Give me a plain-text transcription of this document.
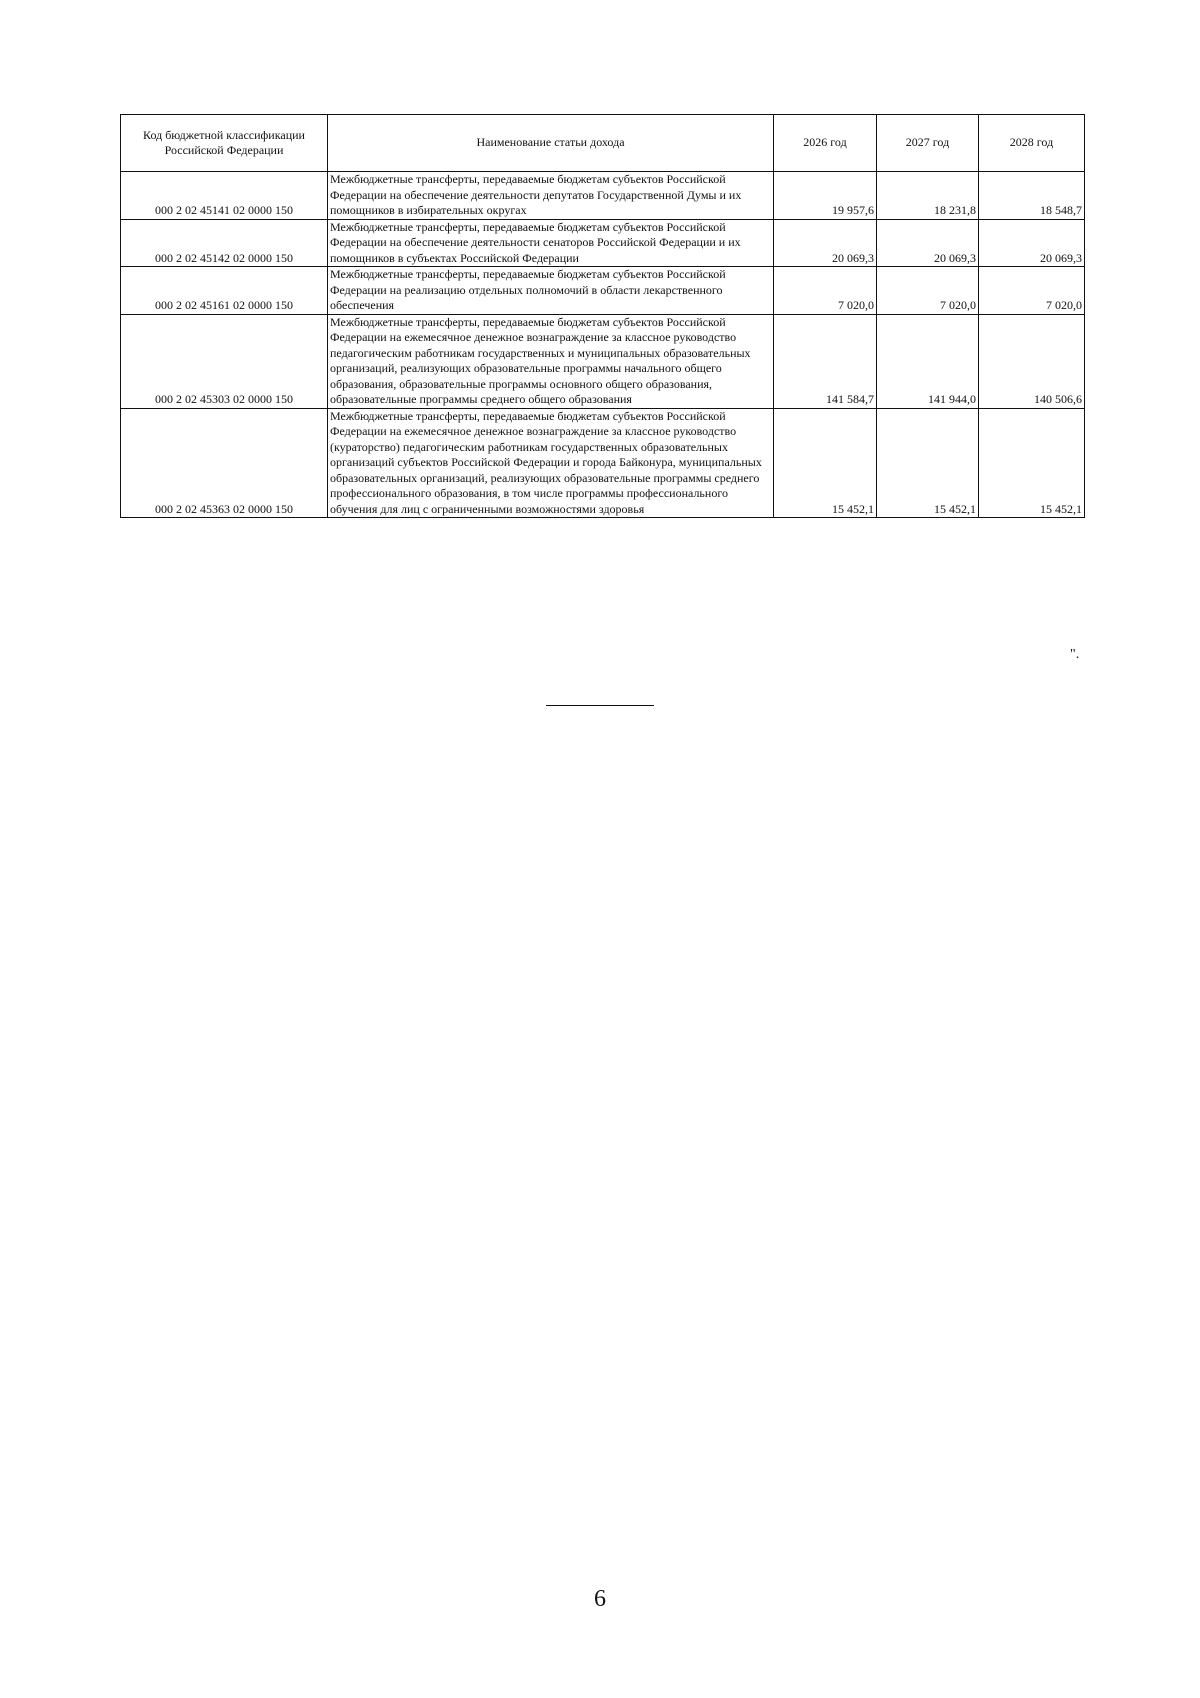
Код бюджетной классификации Российской Федерации	Наименование статьи дохода	2026 год	2027 год	2028 год
000 2 02 45141 02 0000 150	Межбюджетные трансферты, передаваемые бюджетам субъектов Российской Федерации на обеспечение деятельности депутатов Государственной Думы и их помощников в избирательных округах	19 957,6	18 231,8	18 548,7
000 2 02 45142 02 0000 150	Межбюджетные трансферты, передаваемые бюджетам субъектов Российской Федерации на обеспечение деятельности сенаторов Российской Федерации и их помощников в субъектах Российской Федерации	20 069,3	20 069,3	20 069,3
000 2 02 45161 02 0000 150	Межбюджетные трансферты, передаваемые бюджетам субъектов Российской Федерации на реализацию отдельных полномочий в области лекарственного обеспечения	7 020,0	7 020,0	7 020,0
000 2 02 45303 02 0000 150	Межбюджетные трансферты, передаваемые бюджетам субъектов Российской Федерации на ежемесячное денежное вознаграждение за классное руководство педагогическим работникам государственных и муниципальных образовательных организаций, реализующих образовательные программы начального общего образования, образовательные программы основного общего образования, образовательные программы среднего общего образования	141 584,7	141 944,0	140 506,6
000 2 02 45363 02 0000 150	Межбюджетные трансферты, передаваемые бюджетам субъектов Российской Федерации на ежемесячное денежное вознаграждение за классное руководство (кураторство) педагогическим работникам государственных образовательных организаций субъектов Российской Федерации и города Байконура, муниципальных образовательных организаций, реализующих образовательные программы среднего профессионального образования, в том числе программы профессионального обучения для лиц с ограниченными возможностями здоровья	15 452,1	15 452,1	15 452,1
".
6
